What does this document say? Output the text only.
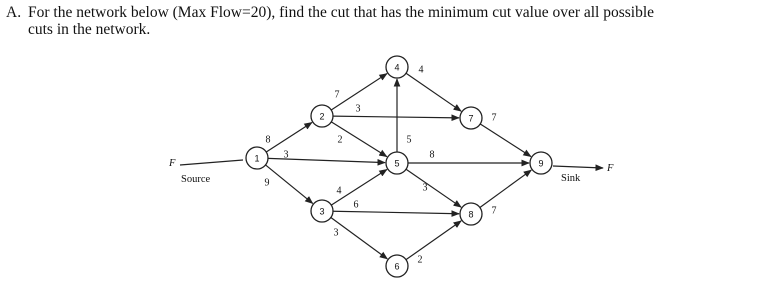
A. For the network below (Max Flow=20), find the cut that has the minimum cut value over all possible
cuts in the network.
1
2
3
4
5
6
7
8
9
8
3
9
7
3
2
4
6
3
4
5
8
3
2
7
7
F
Source
F
Sink
